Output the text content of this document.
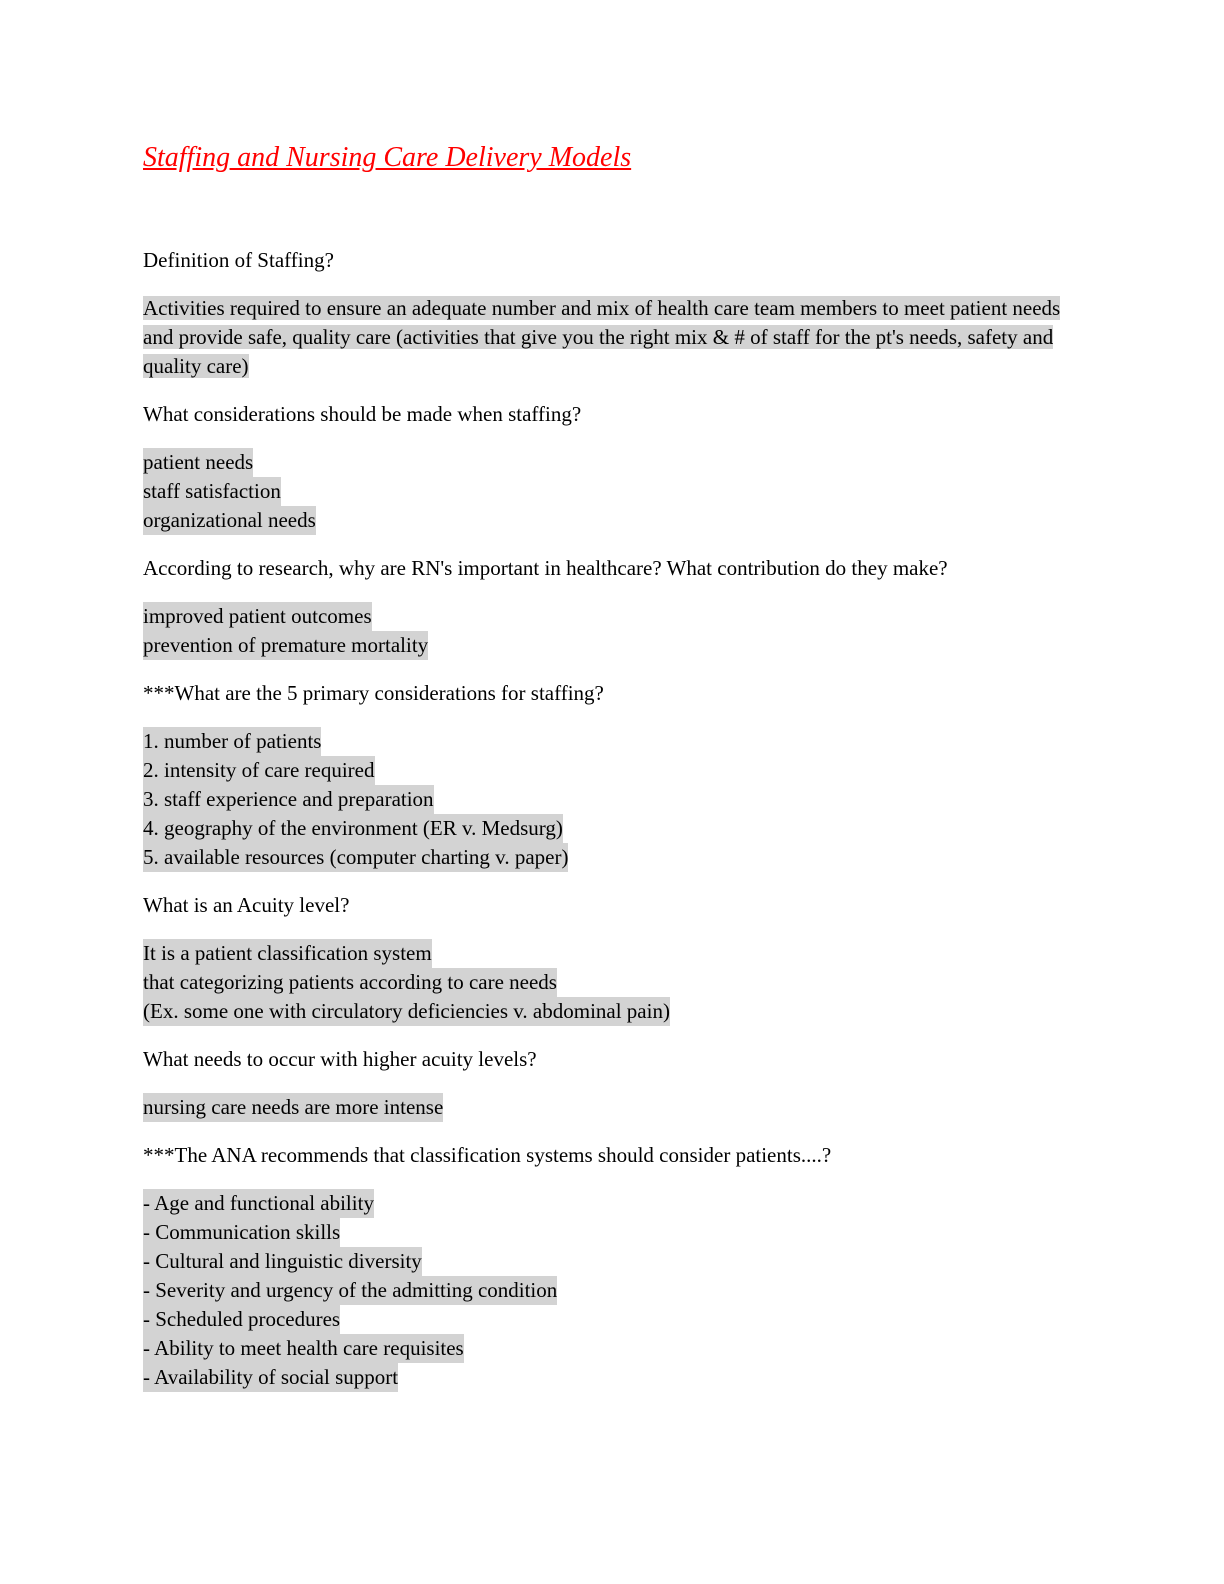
Staffing and Nursing Care Delivery Models

Definition of Staffing?

Activities required to ensure an adequate number and mix of health care team members to meet patient needs and provide safe, quality care (activities that give you the right mix & # of staff for the pt's needs, safety and quality care)

What considerations should be made when staffing?

patient needs
staff satisfaction
organizational needs

According to research, why are RN's important in healthcare? What contribution do they make?

improved patient outcomes
prevention of premature mortality

***What are the 5 primary considerations for staffing?

1. number of patients
2. intensity of care required
3. staff experience and preparation
4. geography of the environment (ER v. Medsurg)
5. available resources (computer charting v. paper)

What is an Acuity level?

It is a patient classification system
that categorizing patients according to care needs
(Ex. some one with circulatory deficiencies v. abdominal pain)

What needs to occur with higher acuity levels?

nursing care needs are more intense

***The ANA recommends that classification systems should consider patients....?

- Age and functional ability
- Communication skills
- Cultural and linguistic diversity
- Severity and urgency of the admitting condition
- Scheduled procedures
- Ability to meet health care requisites
- Availability of social support
